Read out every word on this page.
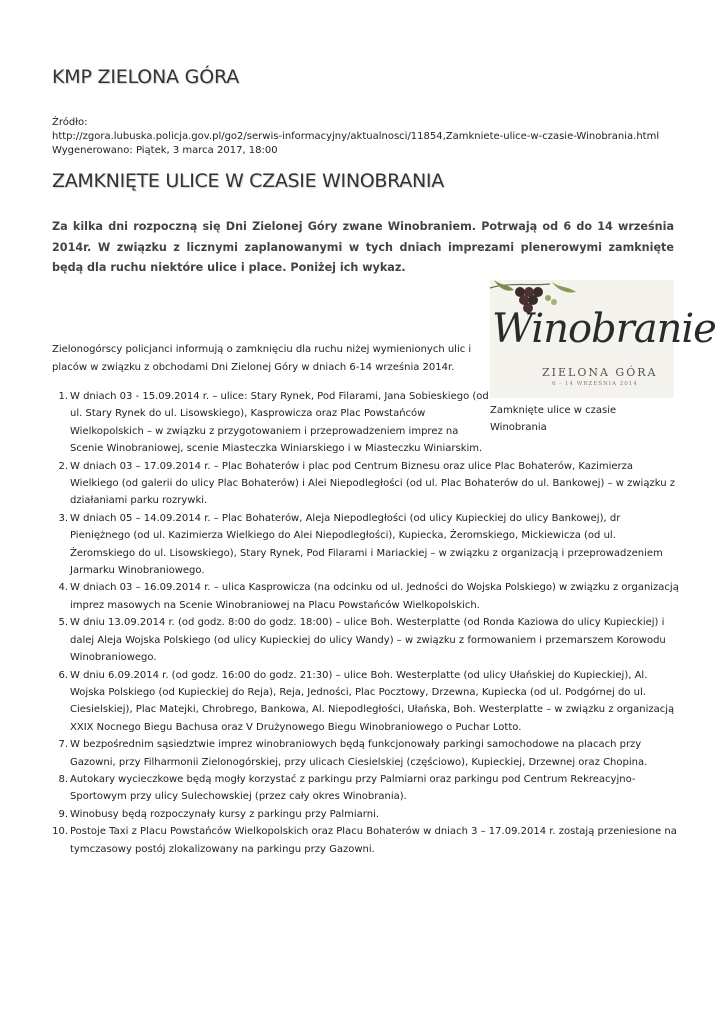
KMP ZIELONA GÓRA
Źródło:
http://zgora.lubuska.policja.gov.pl/go2/serwis-informacyjny/aktualnosci/11854,Zamkniete-ulice-w-czasie-Winobrania.html
Wygenerowano: Piątek, 3 marca 2017, 18:00
ZAMKNIĘTE ULICE W CZASIE WINOBRANIA
Za kilka dni rozpoczną się Dni Zielonej Góry zwane Winobraniem. Potrwają od 6 do 14 września 2014r. W związku z licznymi zaplanowanymi w tych dniach imprezami plenerowymi zamknięte będą dla ruchu niektóre ulice i place. Poniżej ich wykaz.
Winobranie
ZIELONA GÓRA
6 - 14 WRZEŚNIA 2014
Zamknięte ulice w czasie Winobrania
Zielonogórscy policjanci informują o zamknięciu dla ruchu niżej wymienionych ulic i placów w związku z obchodami Dni Zielonej Góry w dniach 6-14 września 2014r.
1. W dniach 03 - 15.09.2014 r. – ulice: Stary Rynek, Pod Filarami, Jana Sobieskiego (od ul. Stary Rynek do ul. Lisowskiego), Kasprowicza oraz Plac Powstańców Wielkopolskich – w związku z przygotowaniem i przeprowadzeniem imprez na Scenie Winobraniowej, scenie Miasteczka Winiarskiego i w Miasteczku Winiarskim.
2. W dniach 03 – 17.09.2014 r. – Plac Bohaterów i plac pod Centrum Biznesu oraz ulice Plac Bohaterów, Kazimierza Wielkiego (od galerii do ulicy Plac Bohaterów) i Alei Niepodległości (od ul. Plac Bohaterów do ul. Bankowej) – w związku z działaniami parku rozrywki.
3. W dniach 05 – 14.09.2014 r. – Plac Bohaterów, Aleja Niepodległości (od ulicy Kupieckiej do ulicy Bankowej), dr Pieniężnego (od ul. Kazimierza Wielkiego do Alei Niepodległości), Kupiecka, Żeromskiego, Mickiewicza (od ul. Żeromskiego do ul. Lisowskiego), Stary Rynek, Pod Filarami i Mariackiej – w związku z organizacją i przeprowadzeniem Jarmarku Winobraniowego.
4. W dniach 03 – 16.09.2014 r. – ulica Kasprowicza (na odcinku od ul. Jedności do Wojska Polskiego) w związku z organizacją imprez masowych na Scenie Winobraniowej na Placu Powstańców Wielkopolskich.
5. W dniu 13.09.2014 r. (od godz. 8:00 do godz. 18:00) – ulice Boh. Westerplatte (od Ronda Kaziowa do ulicy Kupieckiej) i dalej Aleja Wojska Polskiego (od ulicy Kupieckiej do ulicy Wandy) – w związku z formowaniem i przemarszem Korowodu Winobraniowego.
6. W dniu 6.09.2014 r. (od godz. 16:00 do godz. 21:30) – ulice Boh. Westerplatte (od ulicy Ułańskiej do Kupieckiej), Al. Wojska Polskiego (od Kupieckiej do Reja), Reja, Jedności, Plac Pocztowy, Drzewna, Kupiecka (od ul. Podgórnej do ul. Ciesielskiej), Plac Matejki, Chrobrego, Bankowa, Al. Niepodległości, Ułańska, Boh. Westerplatte – w związku z organizacją XXIX Nocnego Biegu Bachusa oraz V Drużynowego Biegu Winobraniowego o Puchar Lotto.
7. W bezpośrednim sąsiedztwie imprez winobraniowych będą funkcjonowały parkingi samochodowe na placach przy Gazowni, przy Filharmonii Zielonogórskiej, przy ulicach Ciesielskiej (częściowo), Kupieckiej, Drzewnej oraz Chopina.
8. Autokary wycieczkowe będą mogły korzystać z parkingu przy Palmiarni oraz parkingu pod Centrum Rekreacyjno-Sportowym przy ulicy Sulechowskiej (przez cały okres Winobrania).
9. Winobusy będą rozpoczynały kursy z parkingu przy Palmiarni.
10. Postoje Taxi z Placu Powstańców Wielkopolskich oraz Placu Bohaterów w dniach 3 – 17.09.2014 r. zostają przeniesione na tymczasowy postój zlokalizowany na parkingu przy Gazowni.
